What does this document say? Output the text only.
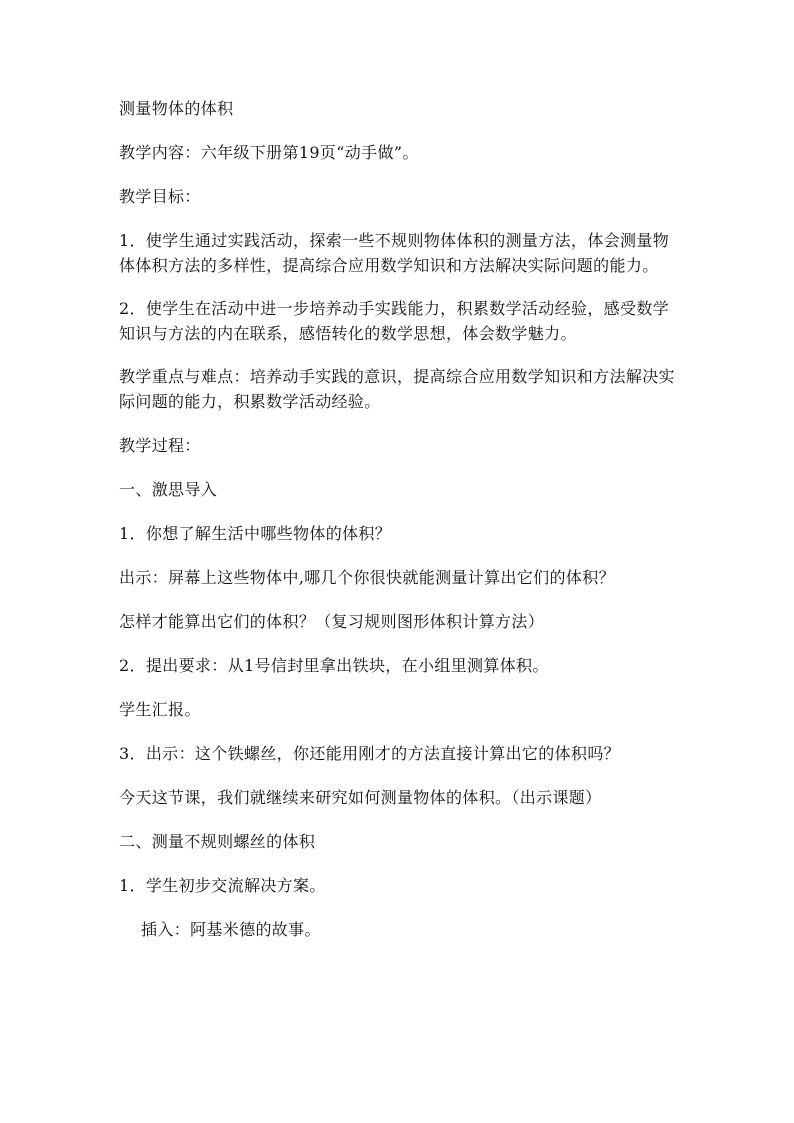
测量物体的体积

教学内容：六年级下册第19页“动手做”。

教学目标：

1．使学生通过实践活动，探索一些不规则物体体积的测量方法，体会测量物体体积方法的多样性，提高综合应用数学知识和方法解决实际问题的能力。

2．使学生在活动中进一步培养动手实践能力，积累数学活动经验，感受数学知识与方法的内在联系，感悟转化的数学思想，体会数学魅力。

教学重点与难点：培养动手实践的意识，提高综合应用数学知识和方法解决实际问题的能力，积累数学活动经验。

教学过程：

一、激思导入

1．你想了解生活中哪些物体的体积？

出示：屏幕上这些物体中,哪几个你很快就能测量计算出它们的体积？

怎样才能算出它们的体积？（复习规则图形体积计算方法）

2．提出要求：从1号信封里拿出铁块，在小组里测算体积。

学生汇报。

3．出示：这个铁螺丝，你还能用刚才的方法直接计算出它的体积吗？

今天这节课，我们就继续来研究如何测量物体的体积。（出示课题）

二、测量不规则螺丝的体积

1．学生初步交流解决方案。

插入：阿基米德的故事。
